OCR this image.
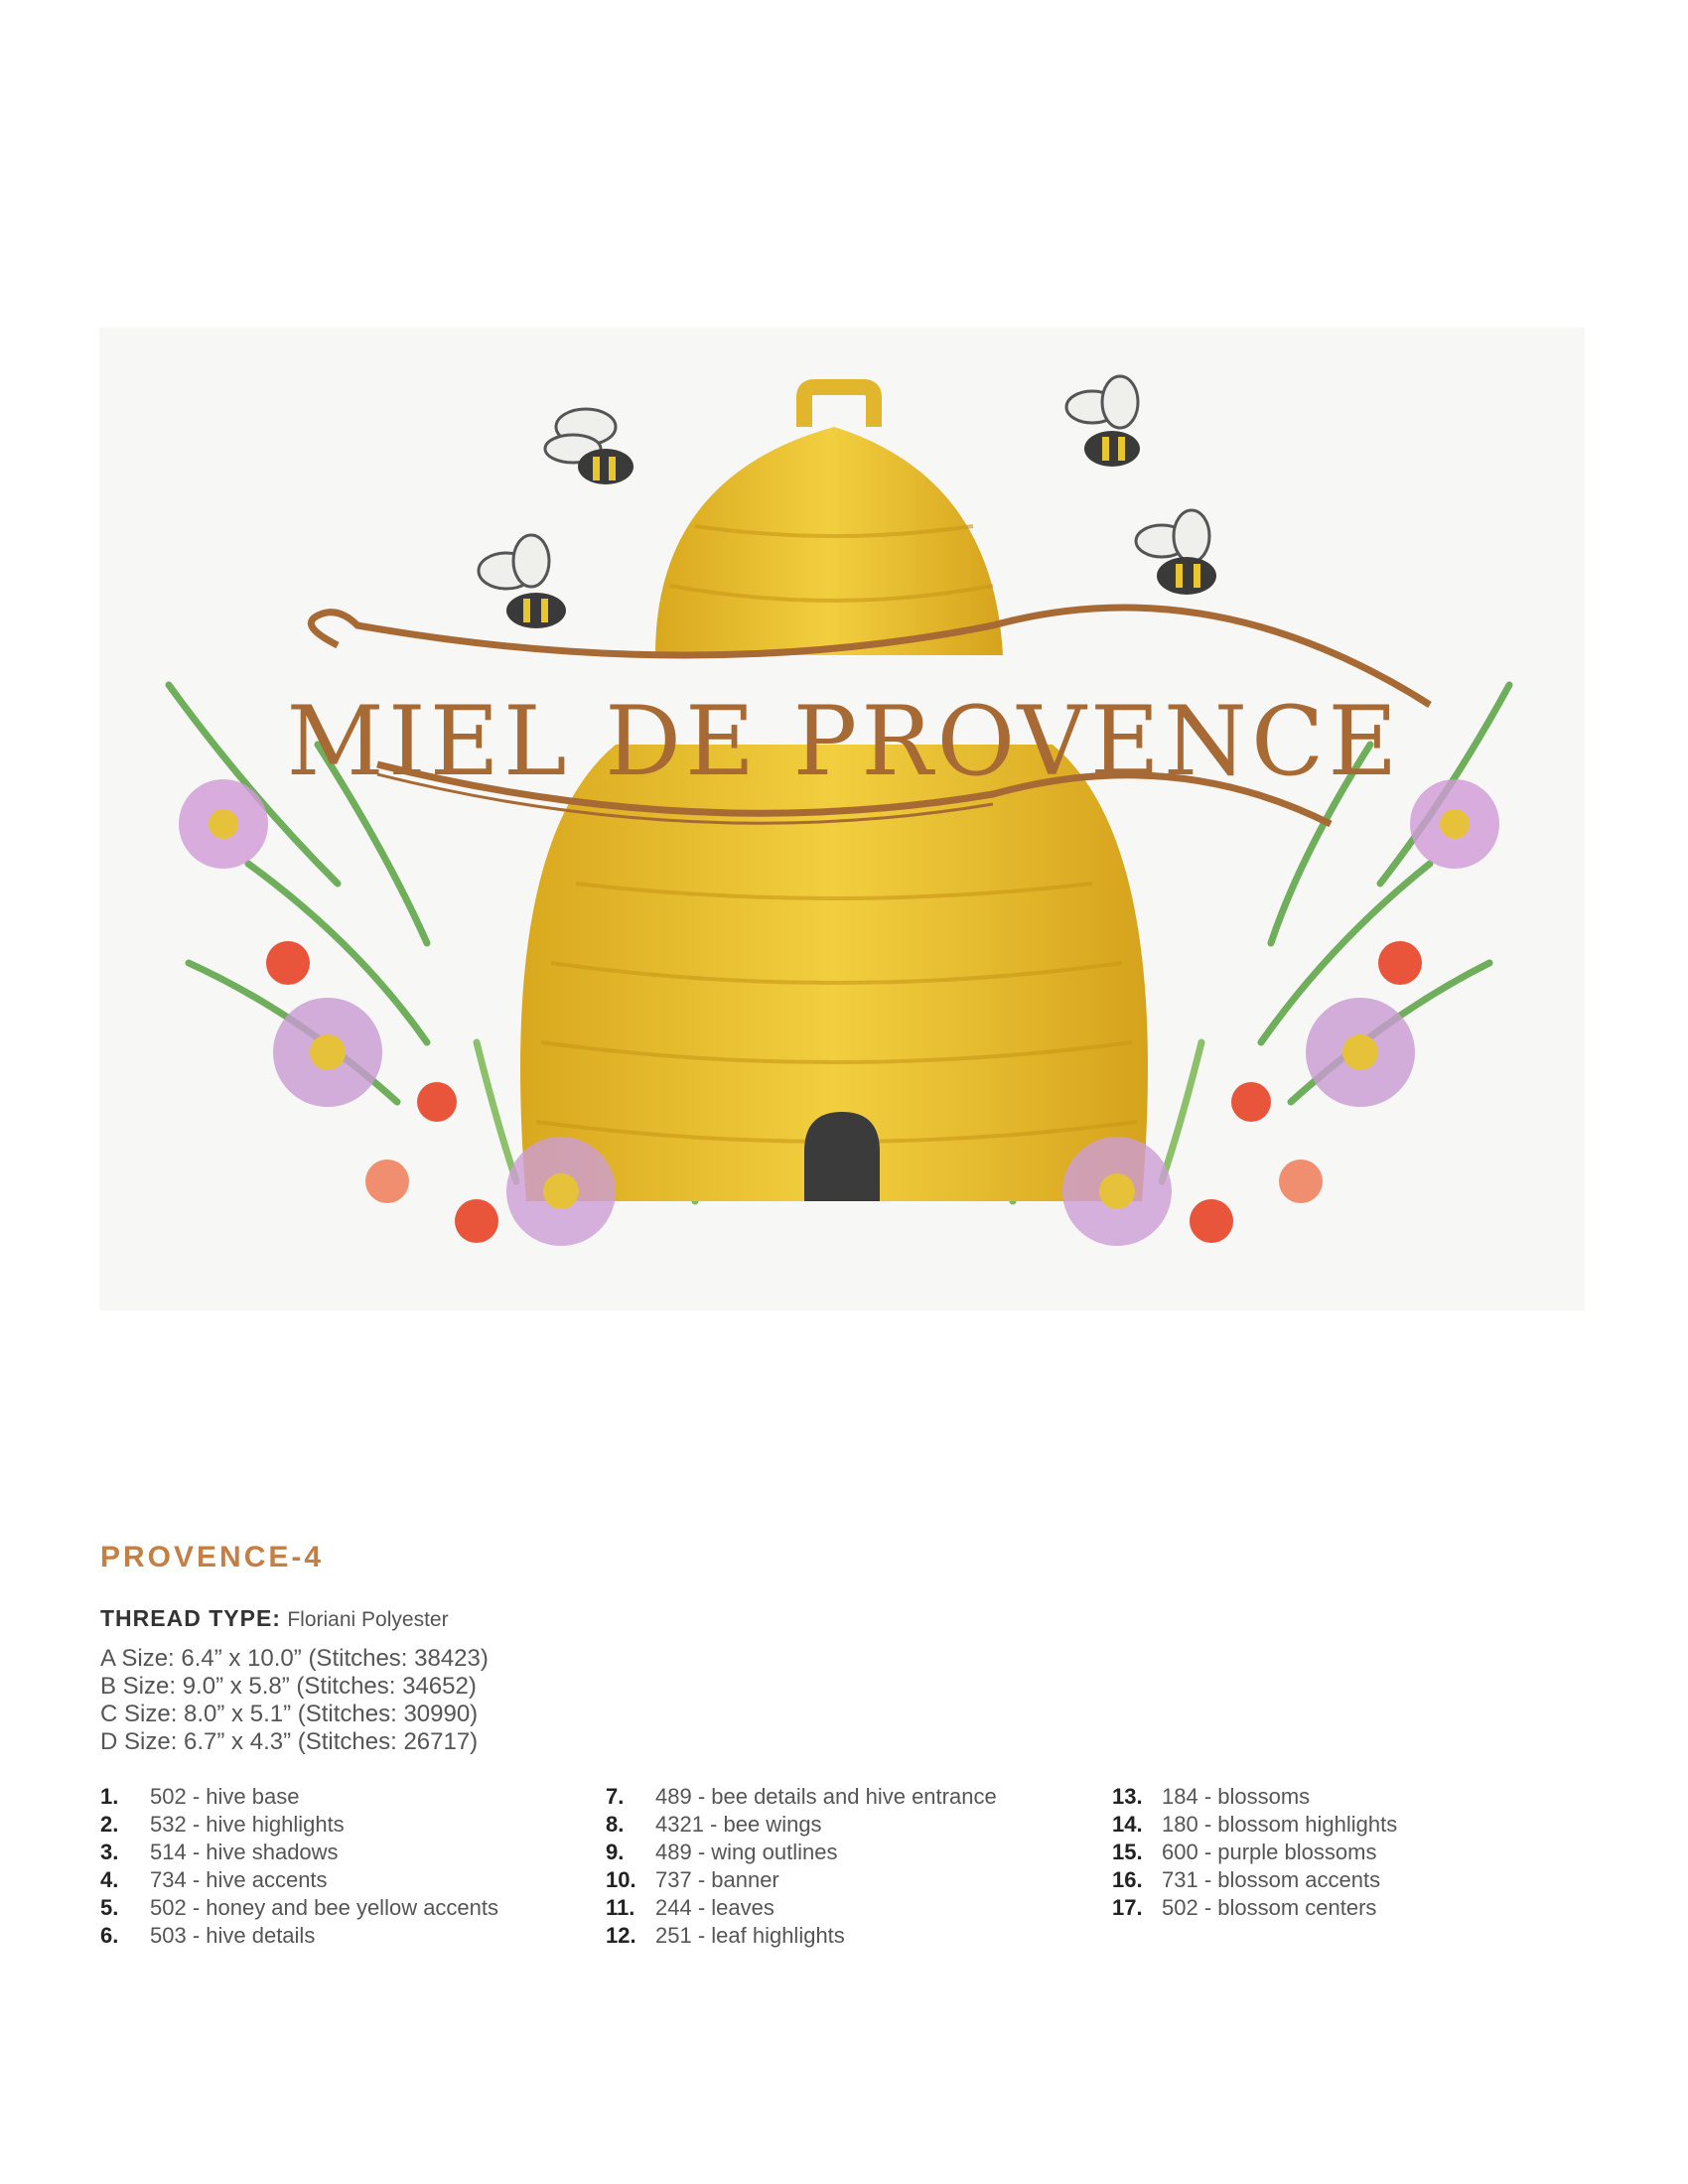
MIEL DE PROVENCE
PROVENCE-4
THREAD TYPE: Floriani Polyester
A Size: 6.4” x 10.0” (Stitches: 38423)
B Size: 9.0” x 5.8” (Stitches: 34652)
C Size: 8.0” x 5.1” (Stitches: 30990)
D Size: 6.7” x 4.3” (Stitches: 26717)
1. 502 - hive base
2. 532 - hive highlights
3. 514 - hive shadows
4. 734 - hive accents
5. 502 - honey and bee yellow accents
6. 503 - hive details
7. 489 - bee details and hive entrance
8. 4321 - bee wings
9. 489 - wing outlines
10. 737 - banner
11. 244 - leaves
12. 251 - leaf highlights
13. 184 - blossoms
14. 180 - blossom highlights
15. 600 - purple blossoms
16. 731 - blossom accents
17. 502 - blossom centers
